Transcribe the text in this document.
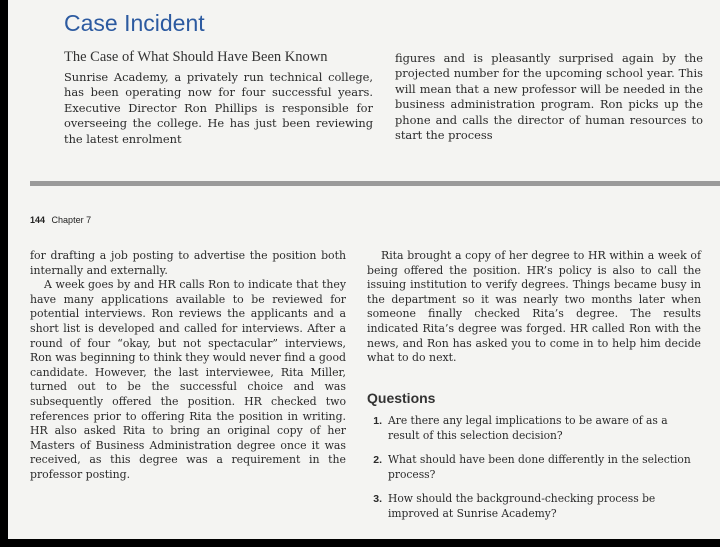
Case Incident
The Case of What Should Have Been Known

Sunrise Academy, a privately run technical college, has been operating now for four successful years. Executive Director Ron Phillips is responsible for overseeing the college. He has just been reviewing the latest enrolment

figures and is pleasantly surprised again by the projected number for the upcoming school year. This will mean that a new professor will be needed in the business administration program. Ron picks up the phone and calls the director of human resources to start the process

144 Chapter 7

for drafting a job posting to advertise the position both internally and externally.

A week goes by and HR calls Ron to indicate that they have many applications available to be reviewed for potential interviews. Ron reviews the applicants and a short list is developed and called for interviews. After a round of four “okay, but not spectacular” interviews, Ron was beginning to think they would never find a good candidate. However, the last interviewee, Rita Miller, turned out to be the successful choice and was subsequently offered the position. HR checked two references prior to offering Rita the position in writing. HR also asked Rita to bring an original copy of her Masters of Business Administration degree once it was received, as this degree was a requirement in the professor posting.

Rita brought a copy of her degree to HR within a week of being offered the position. HR’s policy is also to call the issuing institution to verify degrees. Things became busy in the department so it was nearly two months later when someone finally checked Rita’s degree. The results indicated Rita’s degree was forged. HR called Ron with the news, and Ron has asked you to come in to help him decide what to do next.

Questions
1. Are there any legal implications to be aware of as a result of this selection decision?
2. What should have been done differently in the selection process?
3. How should the background-checking process be improved at Sunrise Academy?
